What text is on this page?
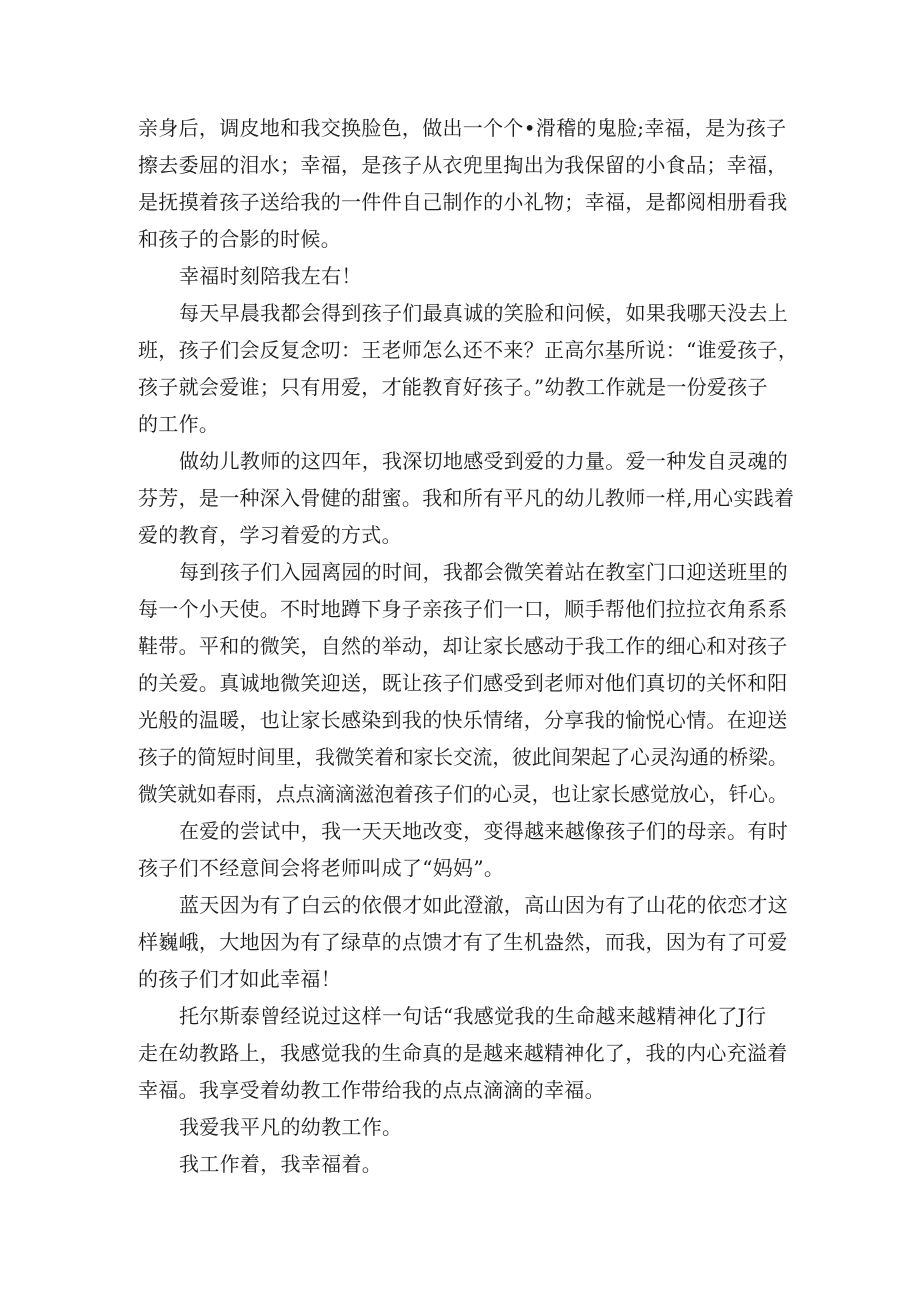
亲身后，调皮地和我交换脸色，做出一个个•滑稽的鬼脸;幸福，是为孩子
擦去委屈的泪水；幸福，是孩子从衣兜里掏出为我保留的小食品；幸福，
是抚摸着孩子送给我的一件件自己制作的小礼物；幸福，是都阅相册看我
和孩子的合影的时候。
幸福时刻陪我左右！
每天早晨我都会得到孩子们最真诚的笑脸和问候，如果我哪天没去上
班，孩子们会反复念叨：王老师怎么还不来？正高尔基所说：“谁爱孩子，
孩子就会爱谁；只有用爱，才能教育好孩子。”幼教工作就是一份爱孩子
的工作。
做幼儿教师的这四年，我深切地感受到爱的力量。爱一种发自灵魂的
芬芳，是一种深入骨健的甜蜜。我和所有平凡的幼儿教师一样,用心实践着
爱的教育，学习着爱的方式。
每到孩子们入园离园的时间，我都会微笑着站在教室门口迎送班里的
每一个小天使。不时地蹲下身子亲孩子们一口，顺手帮他们拉拉衣角系系
鞋带。平和的微笑，自然的举动，却让家长感动于我工作的细心和对孩子
的关爱。真诚地微笑迎送，既让孩子们感受到老师对他们真切的关怀和阳
光般的温暖，也让家长感染到我的快乐情绪，分享我的愉悦心情。在迎送
孩子的简短时间里，我微笑着和家长交流，彼此间架起了心灵沟通的桥梁。
微笑就如春雨，点点滴滴滋泡着孩子们的心灵，也让家长感觉放心，钎心。
在爱的尝试中，我一天天地改变，变得越来越像孩子们的母亲。有时
孩子们不经意间会将老师叫成了“妈妈”。
蓝天因为有了白云的依偎才如此澄澈，高山因为有了山花的依恋才这
样巍峨，大地因为有了绿草的点馈才有了生机盎然，而我，因为有了可爱
的孩子们才如此幸福！
托尔斯泰曾经说过这样一句话“我感觉我的生命越来越精神化了J行
走在幼教路上，我感觉我的生命真的是越来越精神化了，我的内心充溢着
幸福。我享受着幼教工作带给我的点点滴滴的幸福。
我爱我平凡的幼教工作。
我工作着，我幸福着。
